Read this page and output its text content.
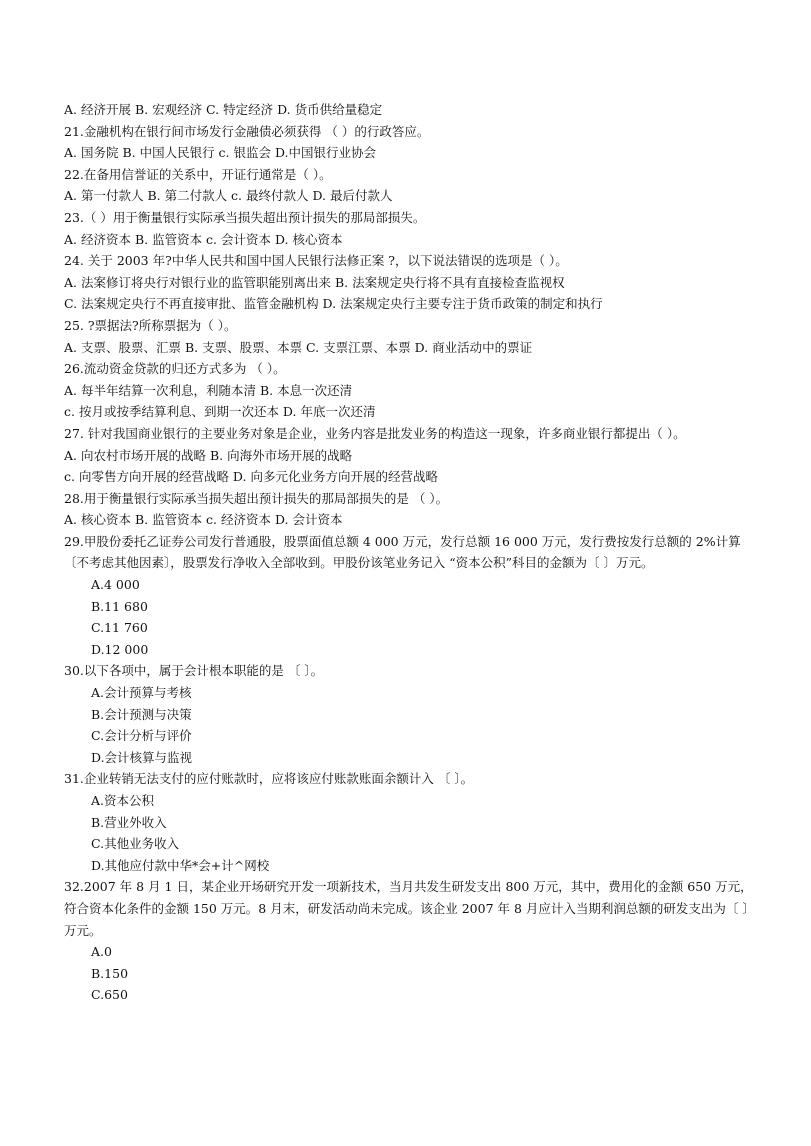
A. 经济开展 B. 宏观经济 C. 特定经济 D. 货币供给量稳定
21.金融机构在银行间市场发行金融债必须获得 （ ）的行政答应。
A. 国务院 B. 中国人民银行 c. 银监会 D.中国银行业协会
22.在备用信誉证的关系中，开证行通常是（ ）。
A. 第一付款人 B. 第二付款人 c. 最终付款人 D. 最后付款人
23.（ ）用于衡量银行实际承当损失超出预计损失的那局部损失。
A. 经济资本 B. 监管资本 c. 会计资本 D. 核心资本
24. 关于 2003 年?中华人民共和国中国人民银行法修正案 ?，以下说法错误的选项是（ ）。
A. 法案修订将央行对银行业的监管职能别离出来 B. 法案规定央行将不具有直接检查监视权
C. 法案规定央行不再直接审批、监管金融机构 D. 法案规定央行主要专注于货币政策的制定和执行
25. ?票据法?所称票据为（ ）。
A. 支票、股票、汇票 B. 支票、股票、本票 C. 支票江票、本票 D. 商业活动中的票证
26.流动资金贷款的归还方式多为 （ ）。
A. 每半年结算一次利息，利随本清 B. 本息一次还清
c. 按月或按季结算利息、到期一次还本 D. 年底一次还清
27. 针对我国商业银行的主要业务对象是企业，业务内容是批发业务的构造这一现象，许多商业银行都提出（ ）。
A. 向农村市场开展的战略 B. 向海外市场开展的战略
c. 向零售方向开展的经营战略 D. 向多元化业务方向开展的经营战略
28.用于衡量银行实际承当损失超出预计损失的那局部损失的是 （ ）。
A. 核心资本 B. 监管资本 c. 经济资本 D. 会计资本
29.甲股份委托乙证券公司发行普通股，股票面值总额 4 000 万元，发行总额 16 000 万元，发行费按发行总额的 2%计算〔不考虑其他因素〕，股票发行净收入全部收到。甲股份该笔业务记入 “资本公积”科目的金额为〔 〕万元。
A.4 000
B.11 680
C.11 760
D.12 000
30.以下各项中，属于会计根本职能的是 〔 〕。
A.会计预算与考核
B.会计预测与决策
C.会计分析与评价
D.会计核算与监视
31.企业转销无法支付的应付账款时，应将该应付账款账面余额计入 〔 〕。
A.资本公积
B.营业外收入
C.其他业务收入
D.其他应付款中华*会+计^网校
32.2007 年 8 月 1 日，某企业开场研究开发一项新技术，当月共发生研发支出 800 万元，其中，费用化的金额 650 万元，符合资本化条件的金额 150 万元。8 月末，研发活动尚未完成。该企业 2007 年 8 月应计入当期利润总额的研发支出为〔 〕万元。
A.0
B.150
C.650
